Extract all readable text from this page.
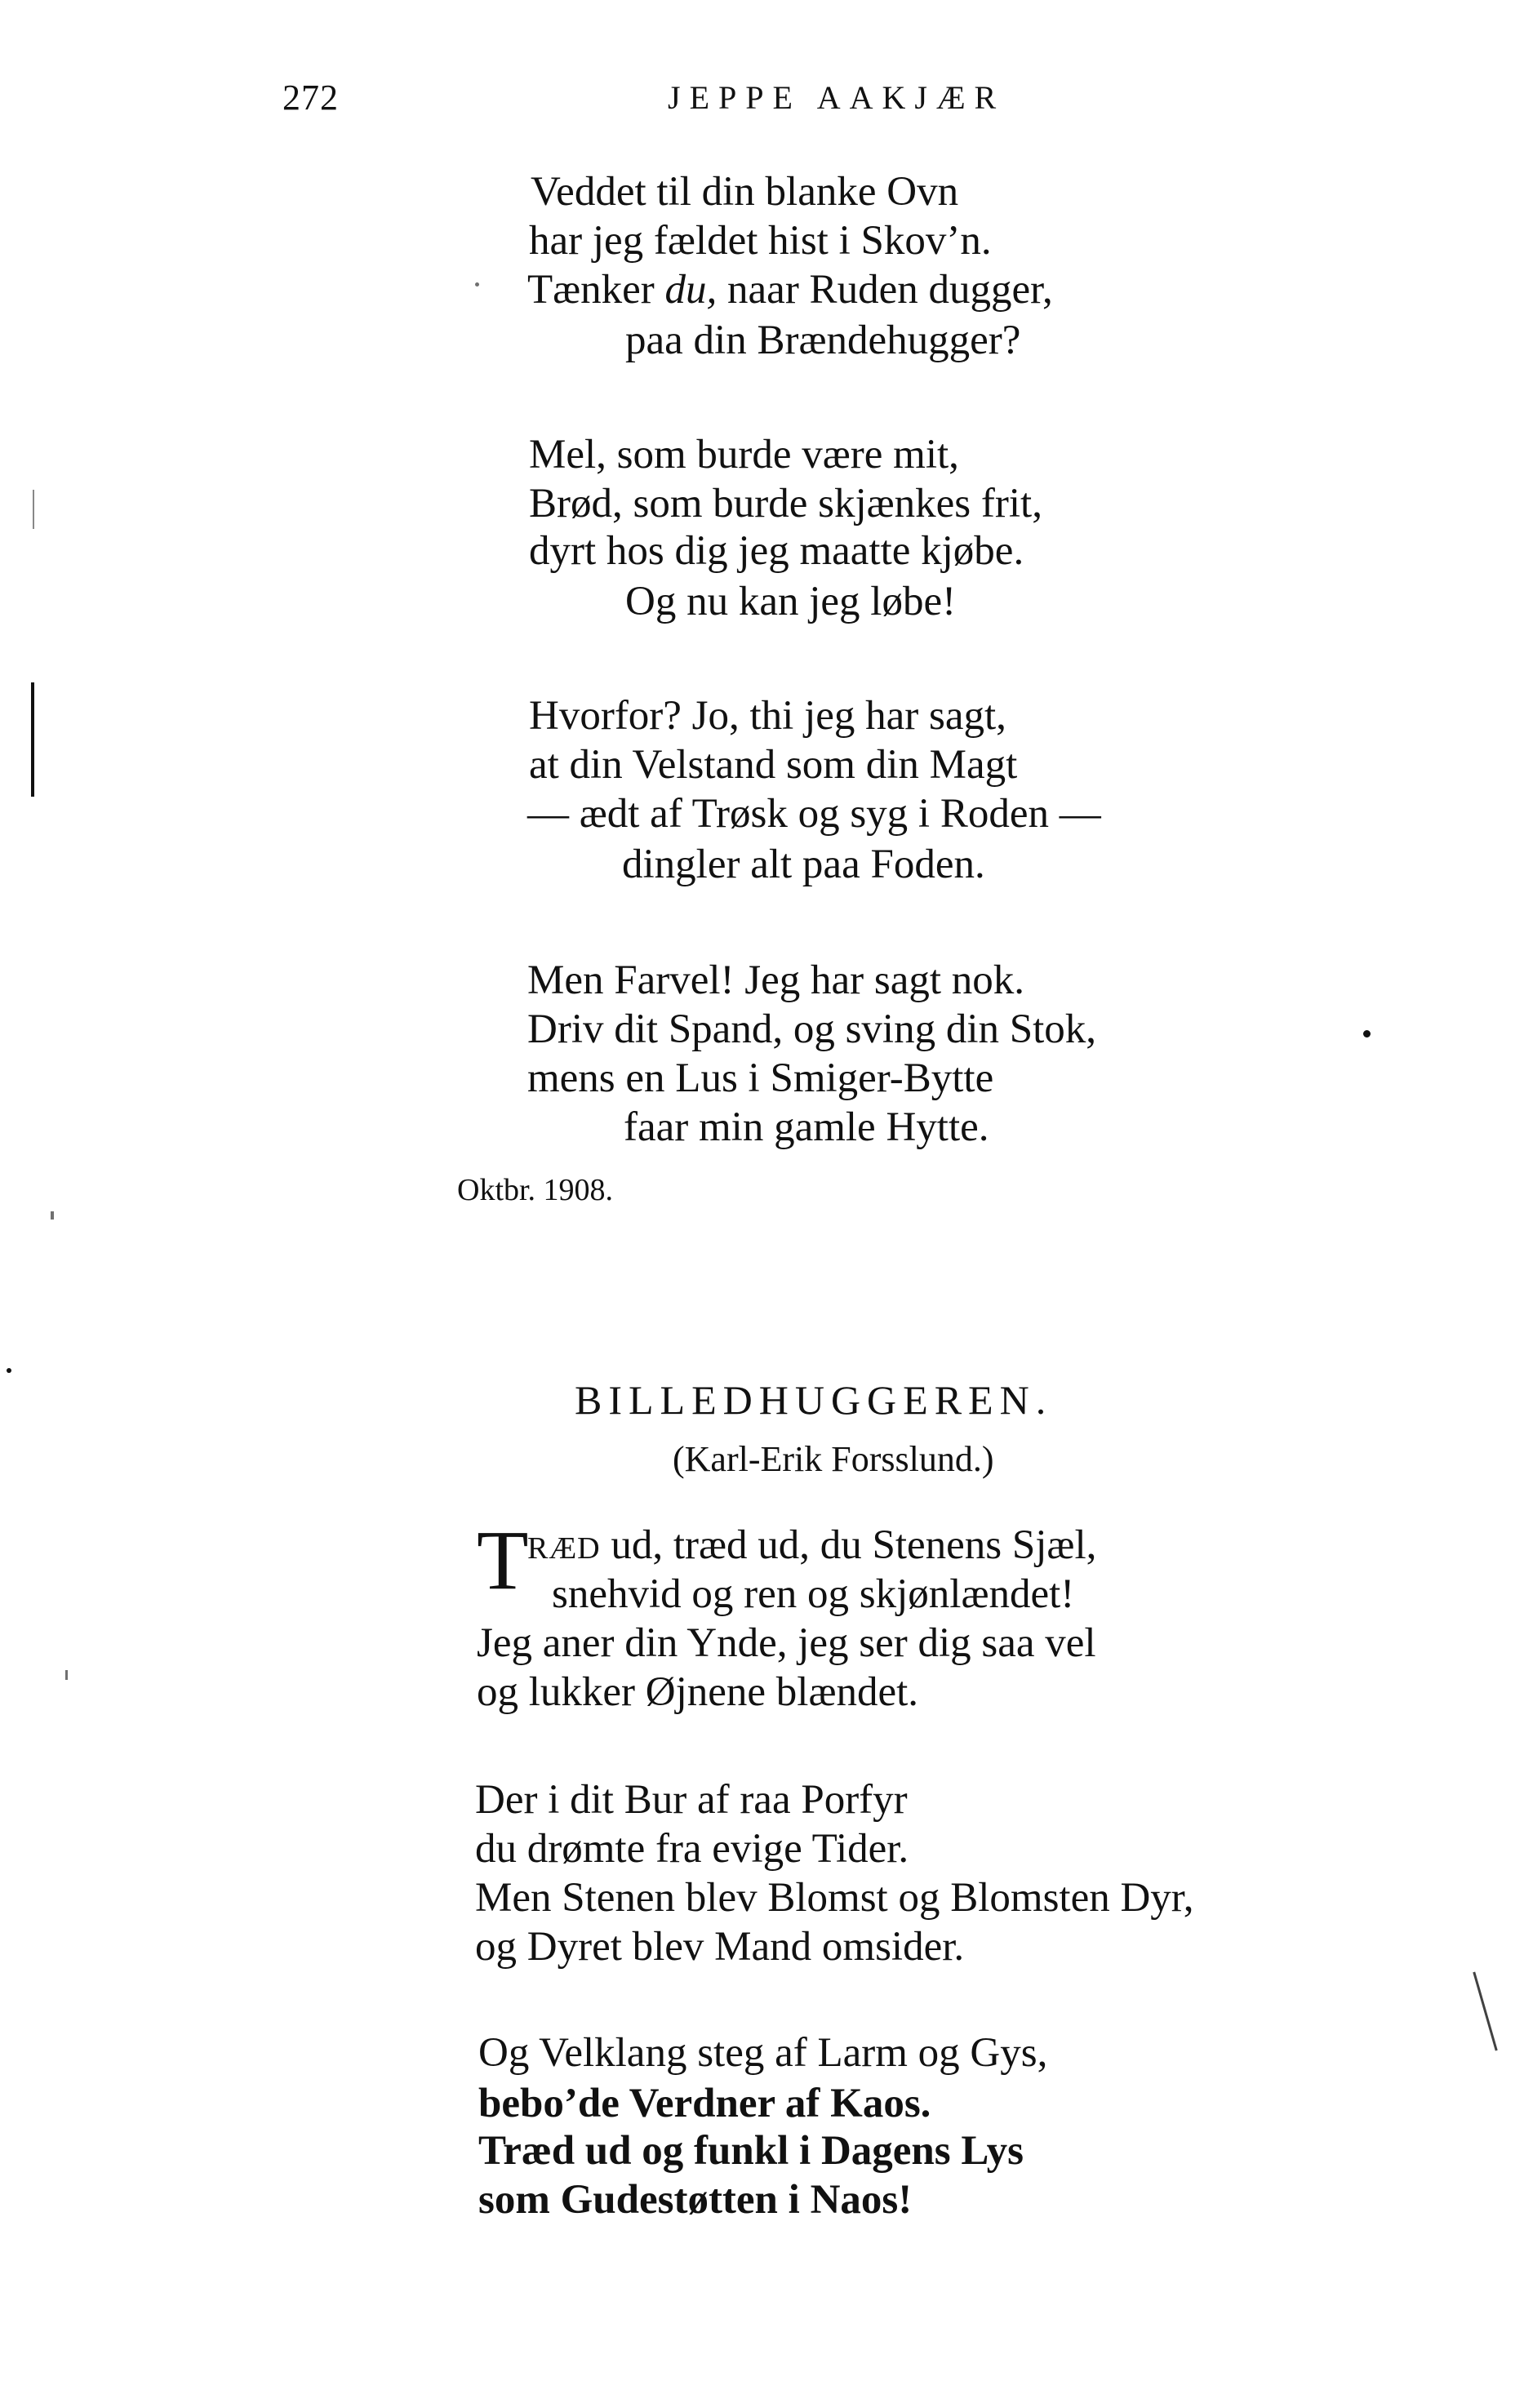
272	JEPPE AAKJÆR
Veddet til din blanke Ovn
har jeg fældet hist i Skov’n.
Tænker du, naar Ruden dugger,
paa din Brændehugger?
Mel, som burde være mit,
Brød, som burde skjænkes frit,
dyrt hos dig jeg maatte kjøbe.
Og nu kan jeg løbe!
Hvorfor? Jo, thi jeg har sagt,
at din Velstand som din Magt
— ædt af Trøsk og syg i Roden —
dingler alt paa Foden.
Men Farvel! Jeg har sagt nok.
Driv dit Spand, og sving din Stok,
mens en Lus i Smiger-Bytte
faar min gamle Hytte.
Oktbr. 1908.
BILLEDHUGGEREN.
(Karl-Erik Forsslund.)
T
RÆD ud, træd ud, du Stenens Sjæl,
snehvid og ren og skjønlændet!
Jeg aner din Ynde, jeg ser dig saa vel
og lukker Øjnene blændet.
Der i dit Bur af raa Porfyr
du drømte fra evige Tider.
Men Stenen blev Blomst og Blomsten Dyr,
og Dyret blev Mand omsider.
Og Velklang steg af Larm og Gys,
bebo’de Verdner af Kaos.
Træd ud og funkl i Dagens Lys
som Gudestøtten i Naos!
